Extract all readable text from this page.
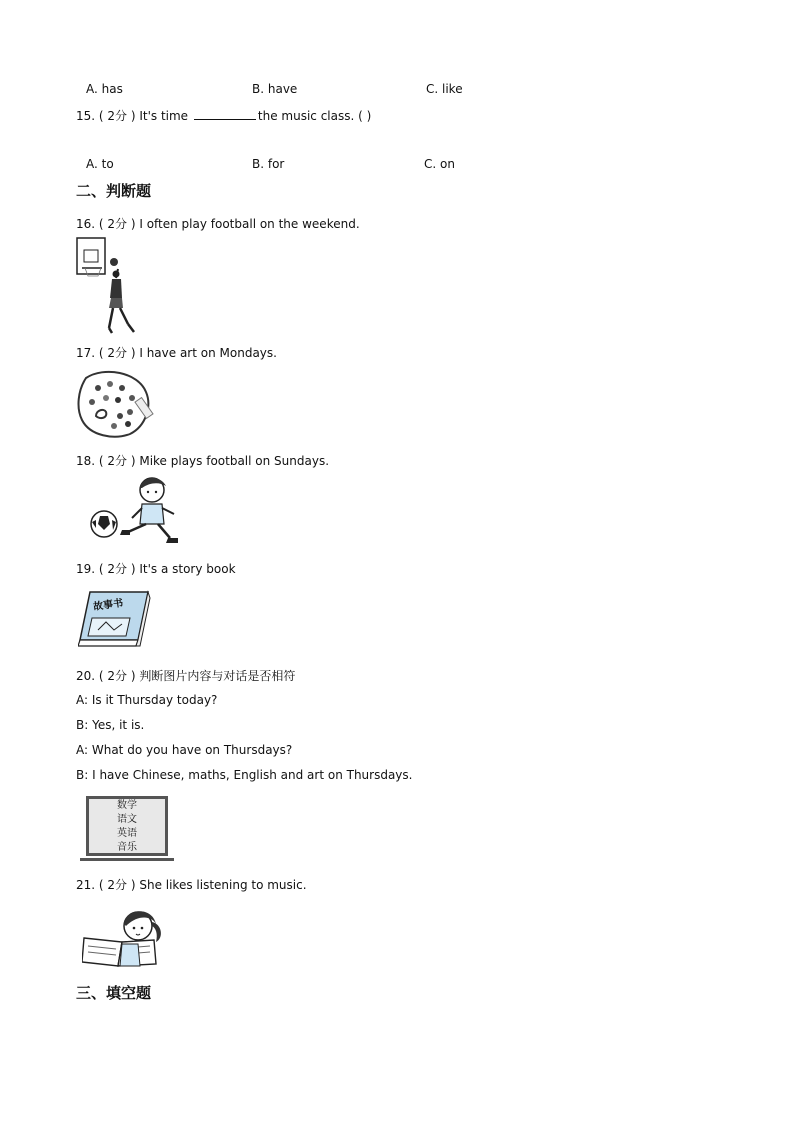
A. has	B. have	C. like
15. ( 2分 ) It's time	the music class. ( )
A. to	B. for	C. on
二、判断题
16. ( 2分 ) I often play football on the weekend.
17. ( 2分 ) I have art on Mondays.
18. ( 2分 ) Mike plays football on Sundays.
19. ( 2分 ) It's a story book
故事书
20. ( 2分 ) 判断图片内容与对话是否相符
A: Is it Thursday today?
B: Yes, it is.
A: What do you have on Thursdays?
B: I have Chinese, maths, English and art on Thursdays.
数学
语文
英语
音乐
21. ( 2分 ) She likes listening to music.
三、填空题
